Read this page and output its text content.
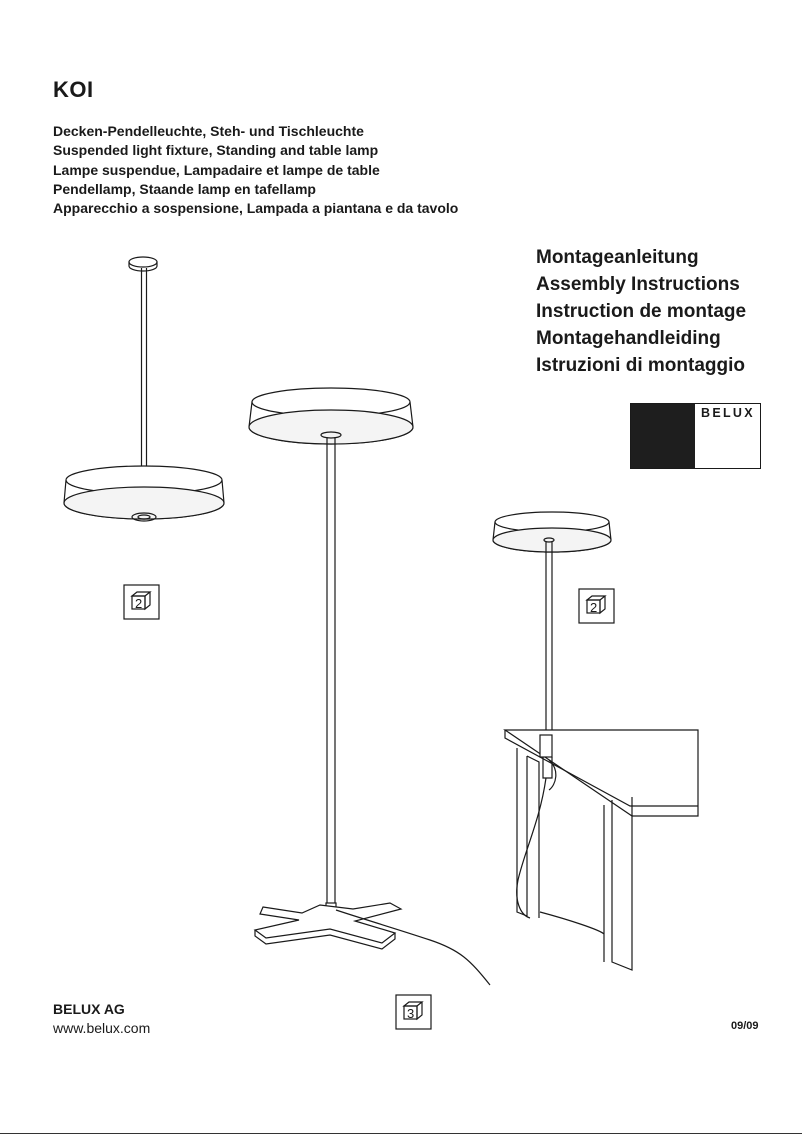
KOI
Decken-Pendelleuchte, Steh- und Tischleuchte
Suspended light fixture, Standing and table lamp
Lampe suspendue, Lampadaire et lampe de table
Pendellamp, Staande lamp en tafellamp
Apparecchio a sospensione, Lampada a piantana e da tavolo
Montageanleitung
Assembly Instructions
Instruction de montage
Montagehandleiding
Istruzioni di montaggio
BELUX
2
3
2
BELUX AG
www.belux.com	09/09
